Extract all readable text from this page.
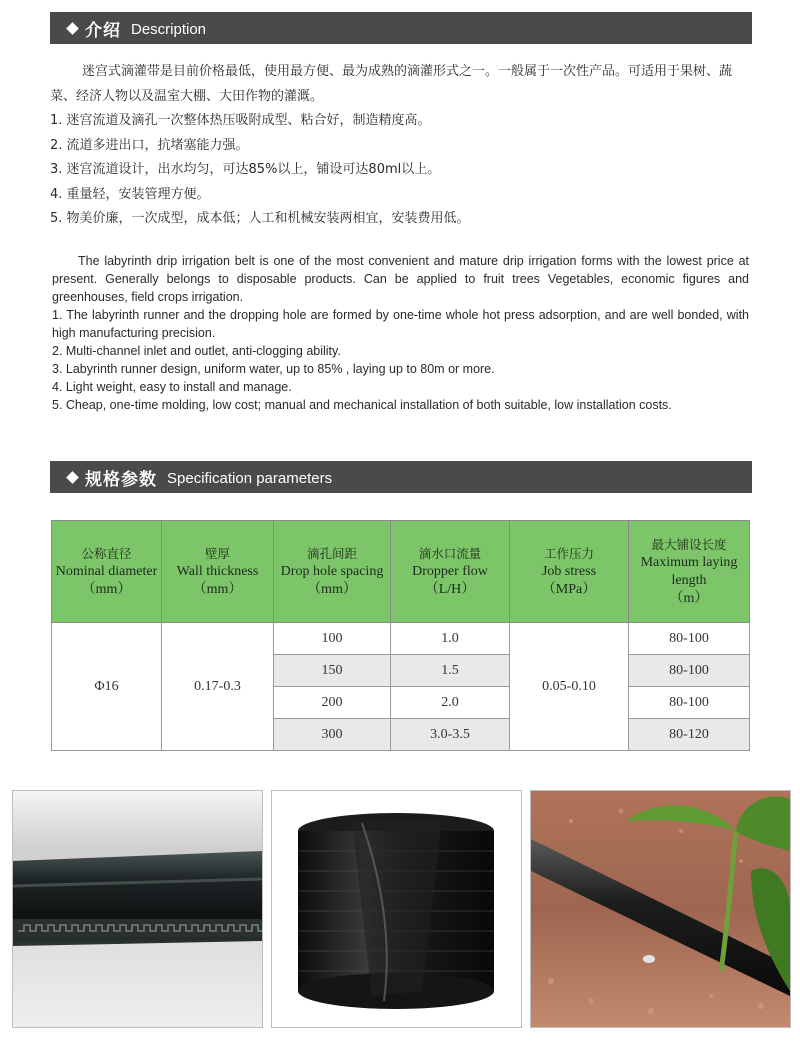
介绍 Description

迷宫式滴灌带是目前价格最低，使用最方便、最为成熟的滴灌形式之一。一般属于一次性产品。可适用于果树、蔬菜、经济人物以及温室大棚、大田作物的灌溉。

1. 迷宫流道及滴孔一次整体热压吸附成型、粘合好，制造精度高。

2. 流道多进出口，抗堵塞能力强。

3. 迷宫流道设计，出水均匀，可达85%以上，铺设可达80ml以上。

4. 重量轻，安装管理方便。

5. 物美价廉，一次成型，成本低；人工和机械安装两相宜，安装费用低。

The labyrinth drip irrigation belt is one of the most convenient and mature drip irrigation forms with the lowest price at present. Generally belongs to disposable products. Can be applied to fruit trees Vegetables, economic figures and greenhouses, field crops irrigation.

1. The labyrinth runner and the dropping hole are formed by one-time whole hot press adsorption, and are well bonded, with high manufacturing precision.

2. Multi-channel inlet and outlet, anti-clogging ability.

3. Labyrinth runner design, uniform water, up to 85% , laying up to 80m or more.

4. Light weight, easy to install and manage.

5. Cheap, one-time molding, low cost; manual and mechanical installation of both suitable, low installation costs.

规格参数 Specification parameters
公称直径
Nominal diameter
（mm）	壁厚
Wall thickness
（mm）	滴孔间距
Drop hole spacing
（mm）	滴水口流量
Dropper flow
（L/H）	工作压力
Job stress
（MPa）	最大铺设长度
Maximum laying length
（m）

Φ16	0.17-0.3	100	1.0	0.05-0.10	80-100
		150	1.5		80-100
		200	2.0		80-100
		300	3.0-3.5		80-120
